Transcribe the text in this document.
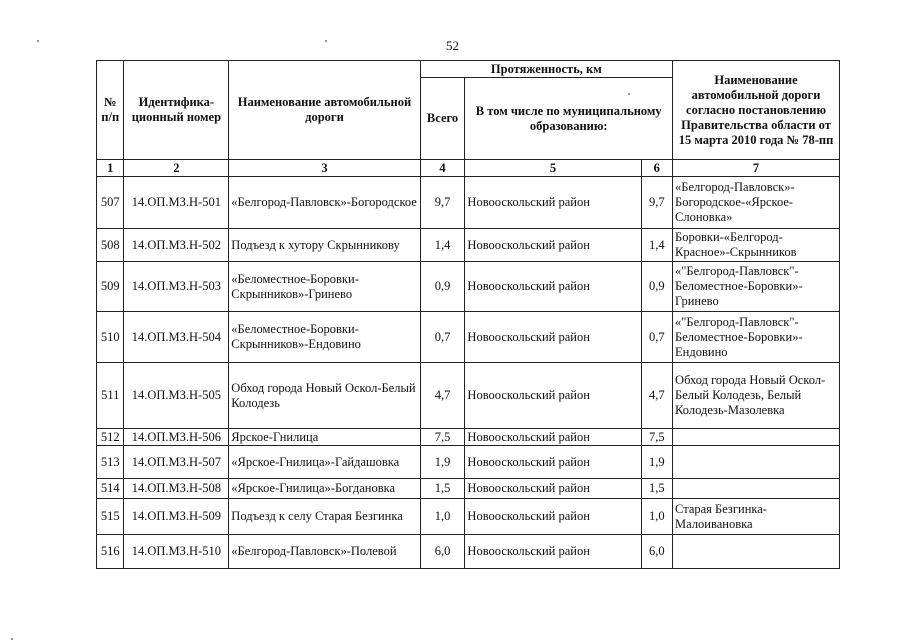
52
№ п/п	Идентифика-ционный номер	Наименование автомобильной дороги	Протяженность, км			Наименование автомобильной дороги согласно постановлению Правительства области от 15 марта 2010 года № 78-пп
			Всего	В том числе по муниципальному образованию:		
1	2	3	4	5	6	7
507	14.ОП.МЗ.Н-501	«Белгород-Павловск»-Богородское	9,7	Новооскольский район	9,7	«Белгород-Павловск»-Богородское-«Ярское-Слоновка»
508	14.ОП.МЗ.Н-502	Подъезд к хутору Скрынникову	1,4	Новооскольский район	1,4	Боровки-«Белгород-Красное»-Скрынников
509	14.ОП.МЗ.Н-503	«Беломестное-Боровки-Скрынников»-Гринево	0,9	Новооскольский район	0,9	«"Белгород-Павловск"-Беломестное-Боровки»-Гринево
510	14.ОП.МЗ.Н-504	«Беломестное-Боровки-Скрынников»-Ендовино	0,7	Новооскольский район	0,7	«"Белгород-Павловск"-Беломестное-Боровки»-Ендовино
511	14.ОП.МЗ.Н-505	Обход города Новый Оскол-Белый Колодезь	4,7	Новооскольский район	4,7	Обход города Новый Оскол-Белый Колодезь, Белый Колодезь-Мазолевка
512	14.ОП.МЗ.Н-506	Ярское-Гнилица	7,5	Новооскольский район	7,5	
513	14.ОП.МЗ.Н-507	«Ярское-Гнилица»-Гайдашовка	1,9	Новооскольский район	1,9	
514	14.ОП.МЗ.Н-508	«Ярское-Гнилица»-Богдановка	1,5	Новооскольский район	1,5	
515	14.ОП.МЗ.Н-509	Подъезд к селу Старая Безгинка	1,0	Новооскольский район	1,0	Старая Безгинка-Малоивановка
516	14.ОП.МЗ.Н-510	«Белгород-Павловск»-Полевой	6,0	Новооскольский район	6,0	
